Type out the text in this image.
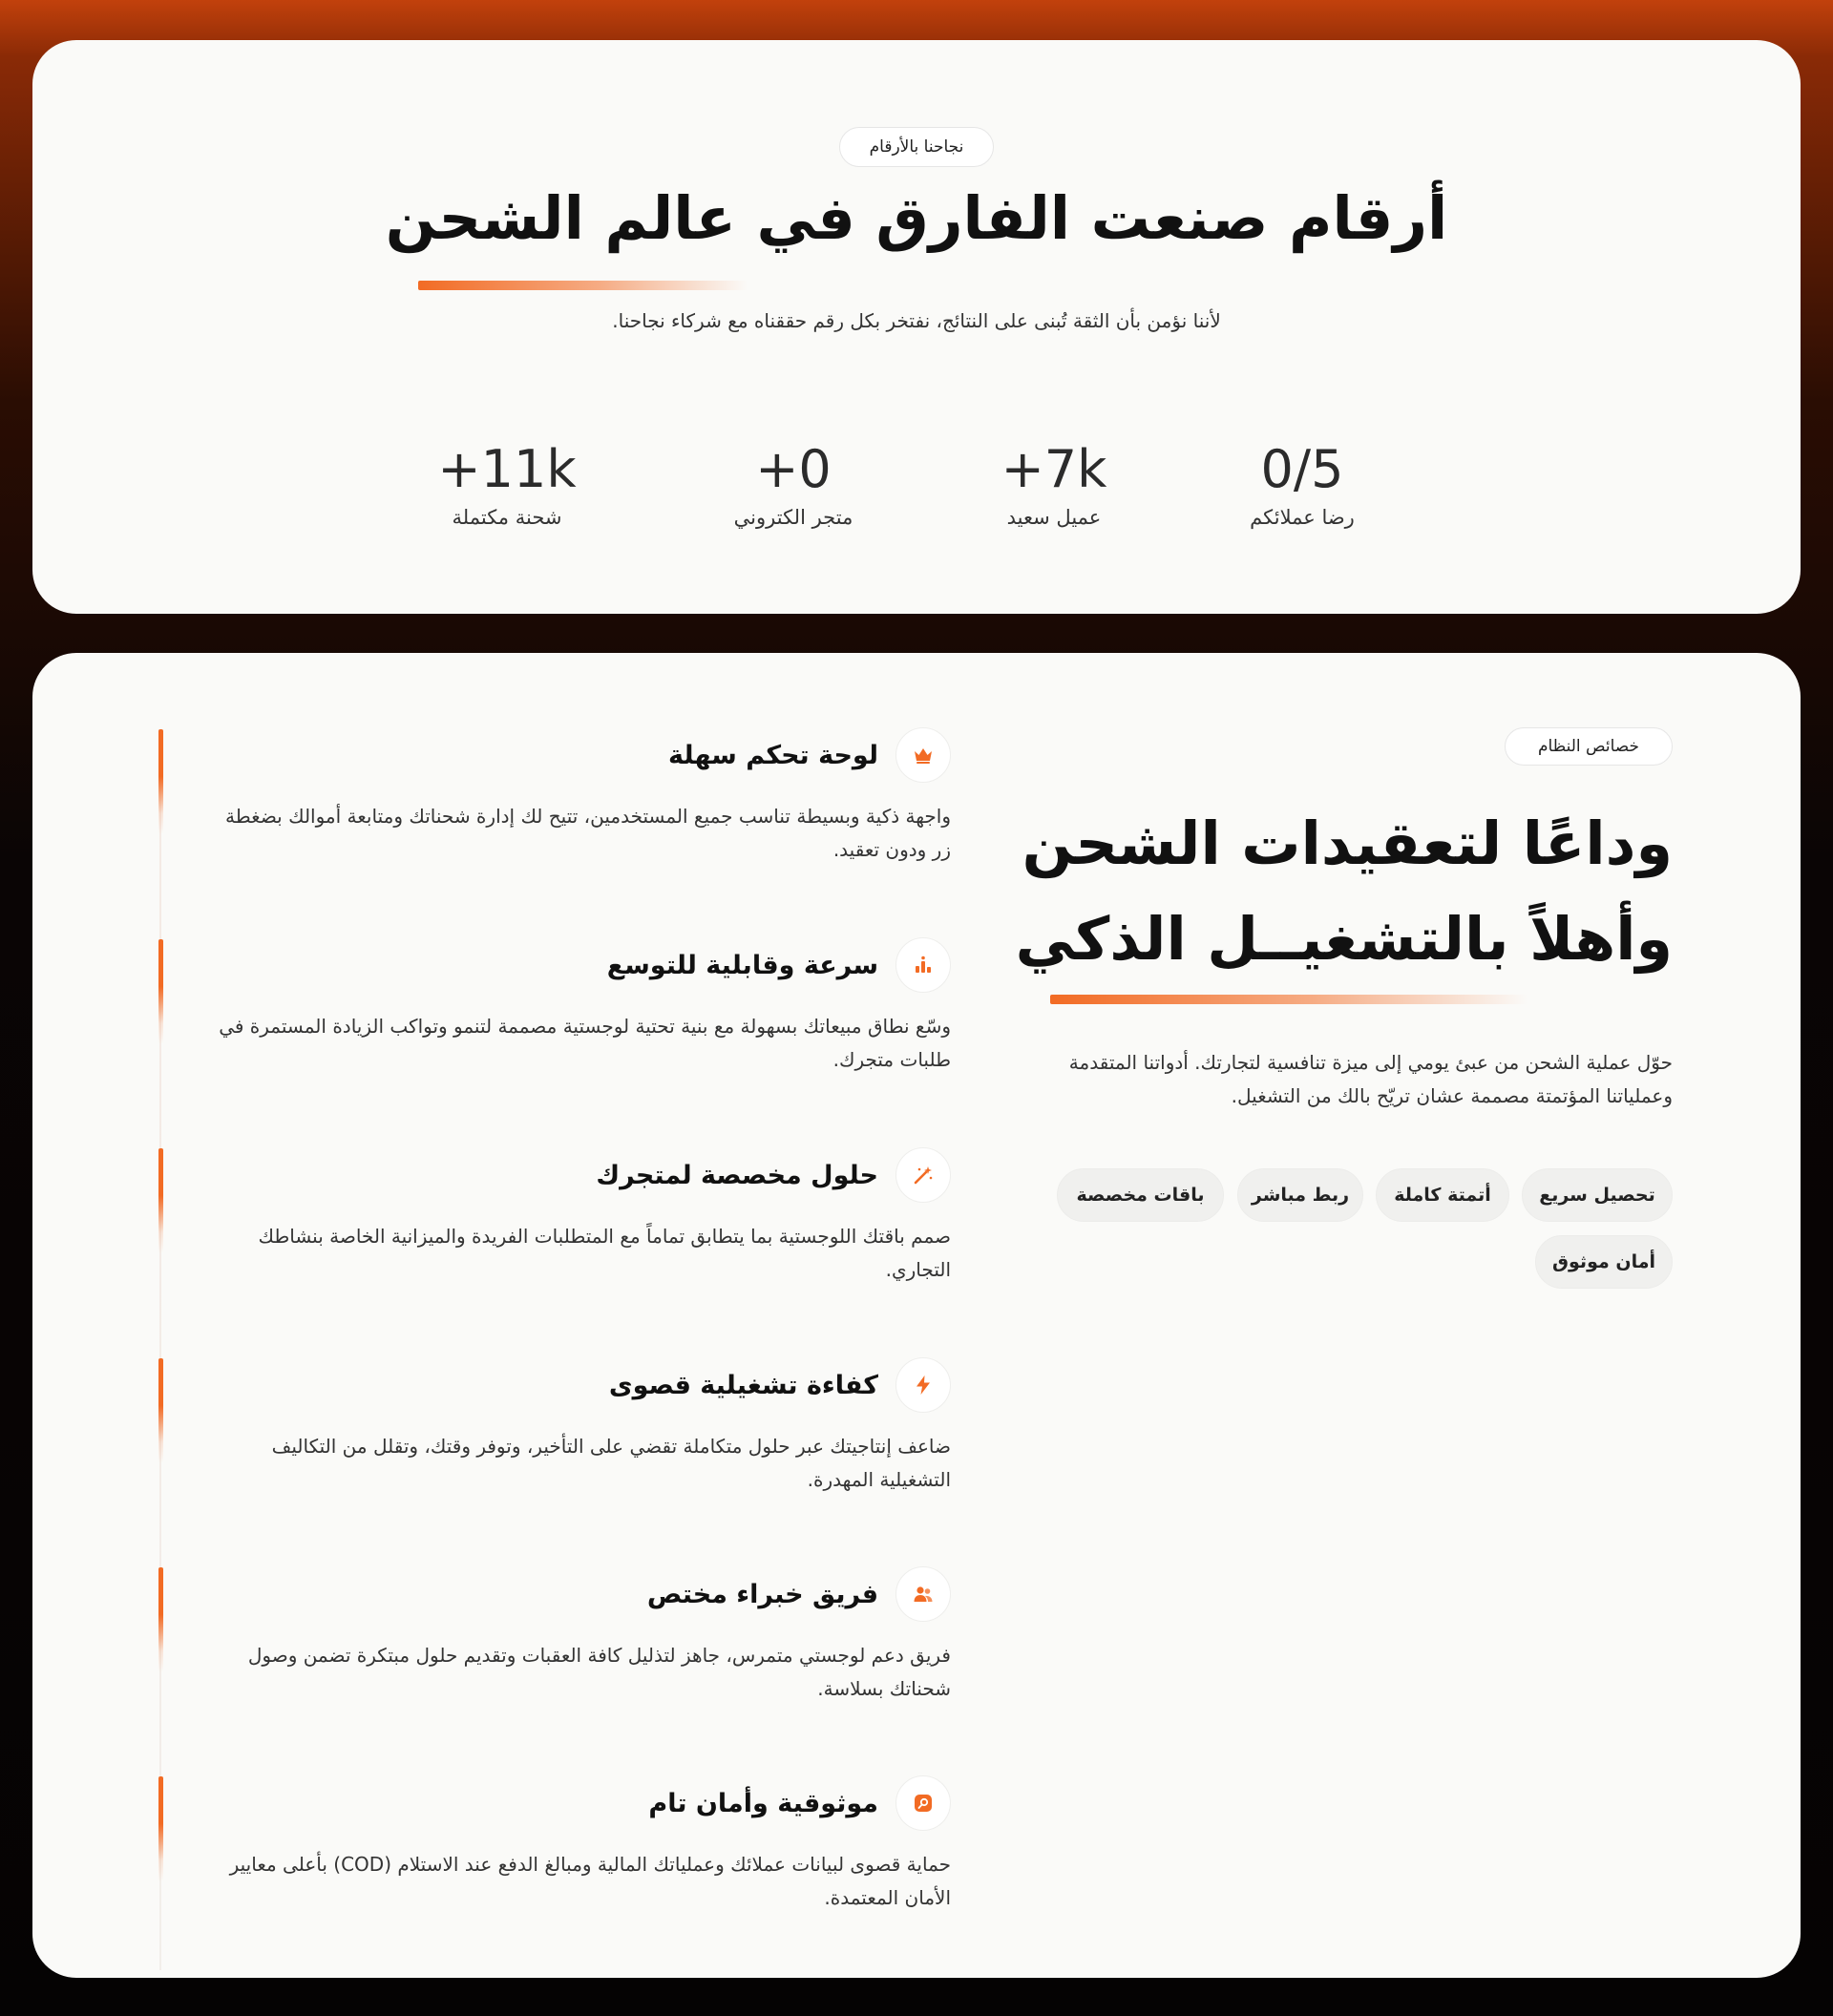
نجاحنا بالأرقام
أرقام صنعت الفارق في عالم الشحن

لأننا نؤمن بأن الثقة تُبنى على النتائج، نفتخر بكل رقم حققناه مع شركاء نجاحنا.

0/5
رضا عملائكم
+7k
عميل سعيد
+0
متجر الكتروني
+11k
شحنة مكتملة
خصائص النظام
وداعًا لتعقيدات الشحن
وأهلاً بالتشغيــل الذكي

حوّل عملية الشحن من عبئ يومي إلى ميزة تنافسية لتجارتك. أدواتنا المتقدمة وعملياتنا المؤتمتة مصممة عشان تريّح بالك من التشغيل.

تحصيل سريع
أتمتة كاملة
ربط مباشر
باقات مخصصة
أمان موثوق
لوحة تحكم سهلة

واجهة ذكية وبسيطة تناسب جميع المستخدمين، تتيح لك إدارة شحناتك ومتابعة أموالك بضغطة زر ودون تعقيد.

سرعة وقابلية للتوسع

وسّع نطاق مبيعاتك بسهولة مع بنية تحتية لوجستية مصممة لتنمو وتواكب الزيادة المستمرة في طلبات متجرك.

حلول مخصصة لمتجرك

صمم باقتك اللوجستية بما يتطابق تماماً مع المتطلبات الفريدة والميزانية الخاصة بنشاطك التجاري.

كفاءة تشغيلية قصوى

ضاعف إنتاجيتك عبر حلول متكاملة تقضي على التأخير، وتوفر وقتك، وتقلل من التكاليف التشغيلية المهدرة.

فريق خبراء مختص

فريق دعم لوجستي متمرس، جاهز لتذليل كافة العقبات وتقديم حلول مبتكرة تضمن وصول شحناتك بسلاسة.

موثوقية وأمان تام

حماية قصوى لبيانات عملائك وعملياتك المالية ومبالغ الدفع عند الاستلام (COD) بأعلى معايير الأمان المعتمدة.
